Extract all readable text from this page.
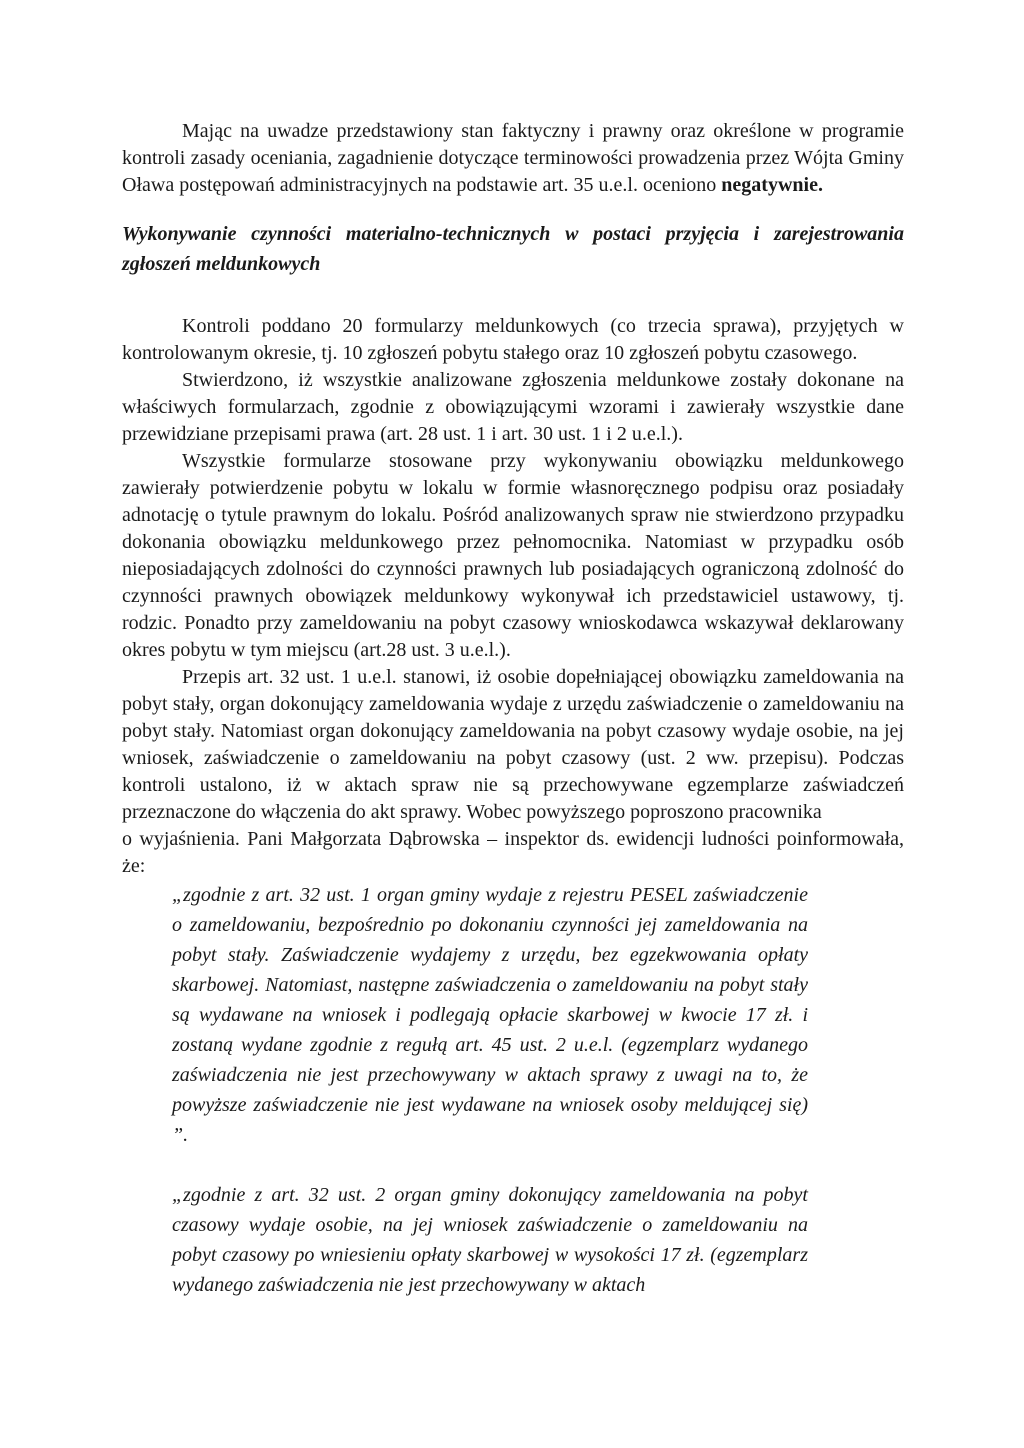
Mając na uwadze przedstawiony stan faktyczny i prawny oraz określone w programie kontroli zasady oceniania, zagadnienie dotyczące terminowości prowadzenia przez Wójta Gminy Oława postępowań administracyjnych na podstawie art. 35 u.e.l. oceniono negatywnie.

Wykonywanie czynności materialno-technicznych w postaci przyjęcia i zarejestrowania zgłoszeń meldunkowych

Kontroli poddano 20 formularzy meldunkowych (co trzecia sprawa), przyjętych w kontrolowanym okresie, tj. 10 zgłoszeń pobytu stałego oraz 10 zgłoszeń pobytu czasowego.

Stwierdzono, iż wszystkie analizowane zgłoszenia meldunkowe zostały dokonane na właściwych formularzach, zgodnie z obowiązującymi wzorami i zawierały wszystkie dane przewidziane przepisami prawa (art. 28 ust. 1 i art. 30 ust. 1 i 2 u.e.l.).

Wszystkie formularze stosowane przy wykonywaniu obowiązku meldunkowego zawierały potwierdzenie pobytu w lokalu w formie własnoręcznego podpisu oraz posiadały adnotację o tytule prawnym do lokalu. Pośród analizowanych spraw nie stwierdzono przypadku dokonania obowiązku meldunkowego przez pełnomocnika. Natomiast w przypadku osób nieposiadających zdolności do czynności prawnych lub posiadających ograniczoną zdolność do czynności prawnych obowiązek meldunkowy wykonywał ich przedstawiciel ustawowy, tj. rodzic. Ponadto przy zameldowaniu na pobyt czasowy wnioskodawca wskazywał deklarowany okres pobytu w tym miejscu (art.28 ust. 3 u.e.l.).

Przepis art. 32 ust. 1 u.e.l. stanowi, iż osobie dopełniającej obowiązku zameldowania na pobyt stały, organ dokonujący zameldowania wydaje z urzędu zaświadczenie o zameldowaniu na pobyt stały. Natomiast organ dokonujący zameldowania na pobyt czasowy wydaje osobie, na jej wniosek, zaświadczenie o zameldowaniu na pobyt czasowy (ust. 2 ww. przepisu). Podczas kontroli ustalono, iż w aktach spraw nie są przechowywane egzemplarze zaświadczeń przeznaczone do włączenia do akt sprawy. Wobec powyższego poproszono pracownika

o wyjaśnienia. Pani Małgorzata Dąbrowska – inspektor ds. ewidencji ludności poinformowała, że:

„zgodnie z art. 32 ust. 1 organ gminy wydaje z rejestru PESEL zaświadczenie o zameldowaniu, bezpośrednio po dokonaniu czynności jej zameldowania na pobyt stały. Zaświadczenie wydajemy z urzędu, bez egzekwowania opłaty skarbowej. Natomiast, następne zaświadczenia o zameldowaniu na pobyt stały są wydawane na wniosek i podlegają opłacie skarbowej w kwocie 17 zł. i zostaną wydane zgodnie z regułą art. 45 ust. 2 u.e.l. (egzemplarz wydanego zaświadczenia nie jest przechowywany w aktach sprawy z uwagi na to, że powyższe zaświadczenie nie jest wydawane na wniosek osoby meldującej się) ”.

„zgodnie z art. 32 ust. 2 organ gminy dokonujący zameldowania na pobyt czasowy wydaje osobie, na jej wniosek zaświadczenie o zameldowaniu na pobyt czasowy po wniesieniu opłaty skarbowej w wysokości 17 zł. (egzemplarz wydanego zaświadczenia nie jest przechowywany w aktach
